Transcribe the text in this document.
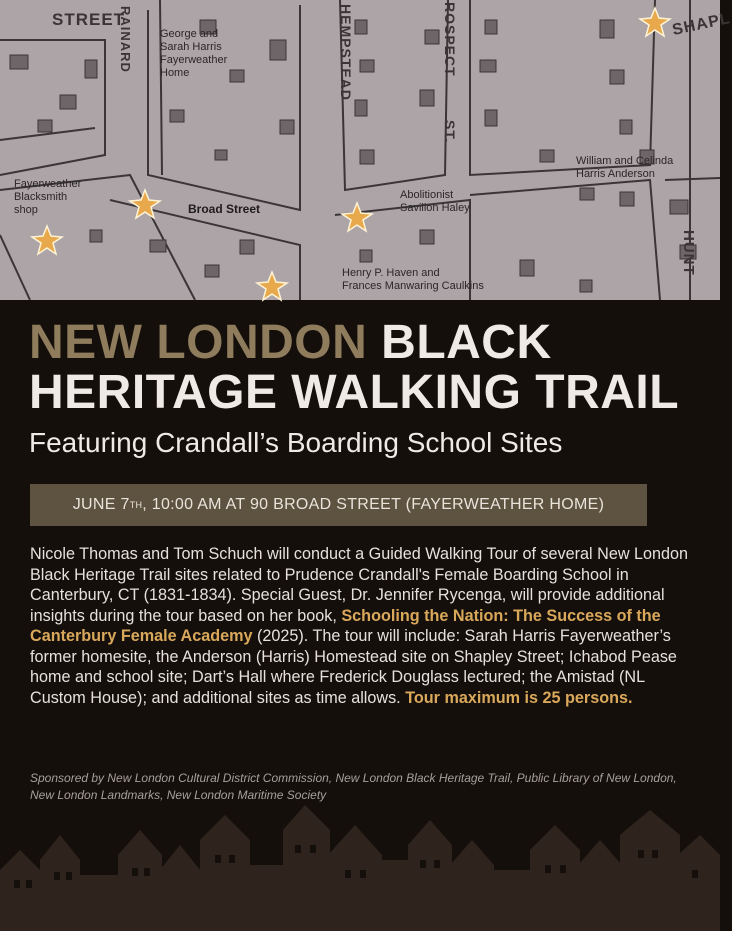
STREET
RAINARD	HEMPSTEAD	ROSPECT
ST.
SHAPL
HUNT
George and
Sarah Harris
Fayerweather
Home
Fayerweather
Blacksmith
shop	Broad Street
Abolitionist
Savilion Haley
William and Celinda
Harris Anderson
Henry P. Haven and
Frances Manwaring Caulkins
NEW LONDON BLACK
HERITAGE WALKING TRAIL
Featuring Crandall’s Boarding School Sites
JUNE 7 TH , 10:00 AM AT 90 BROAD STREET (FAYERWEATHER HOME)
Nicole Thomas and Tom Schuch will conduct a Guided Walking Tour of several New London Black Heritage Trail sites related to Prudence Crandall's Female Boarding School in Canterbury, CT (1831-1834). Special Guest, Dr. Jennifer Rycenga, will provide additional insights during the tour based on her book, Schooling the Nation: The Success of the Canterbury Female Academy (2025). The tour will include: Sarah Harris Fayerweather’s former homesite, the Anderson (Harris) Homestead site on Shapley Street; Ichabod Pease home and school site; Dart’s Hall where Frederick Douglass lectured; the Amistad (NL Custom House); and additional sites as time allows. Tour maximum is 25 persons.
Sponsored by New London Cultural District Commission, New London Black Heritage Trail, Public Library of New London, New London Landmarks, New London Maritime Society
